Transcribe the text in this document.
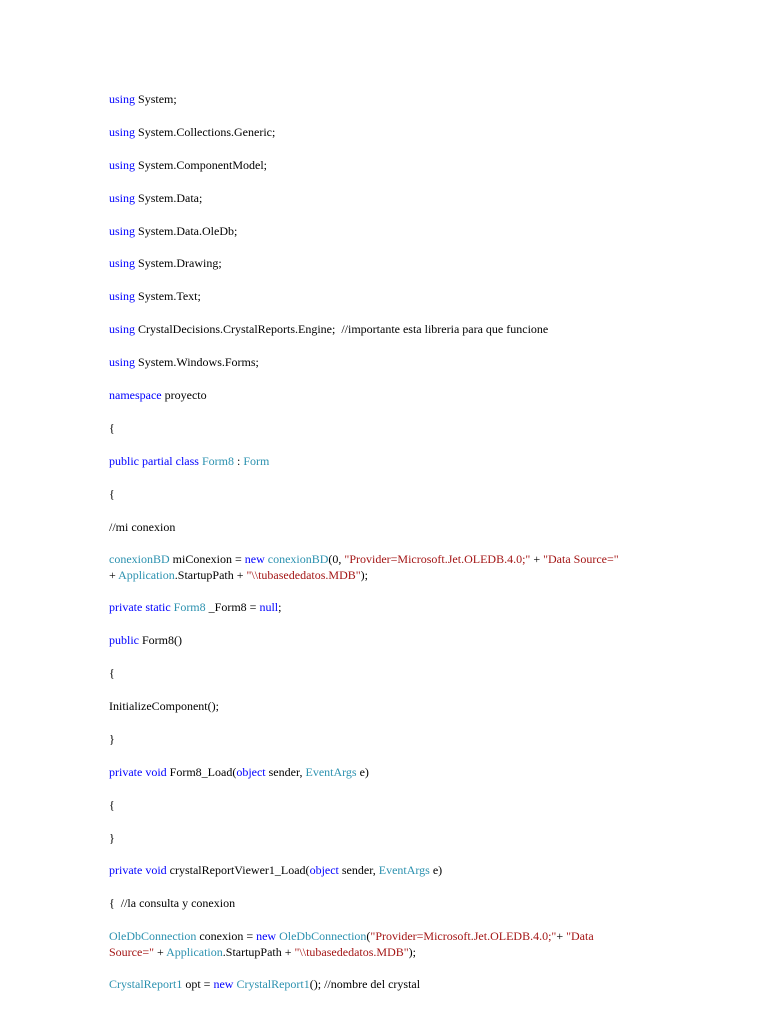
using System;
using System.Collections.Generic;
using System.ComponentModel;
using System.Data;
using System.Data.OleDb;
using System.Drawing;
using System.Text;
using CrystalDecisions.CrystalReports.Engine;  //importante esta libreria para que funcione
using System.Windows.Forms;
namespace proyecto
{
public partial class Form8 : Form
{
//mi conexion
conexionBD miConexion = new conexionBD(0, "Provider=Microsoft.Jet.OLEDB.4.0;" + "Data Source="
+ Application.StartupPath + "\\tubasededatos.MDB");
private static Form8 _Form8 = null;
public Form8()
{
InitializeComponent();
}
private void Form8_Load(object sender, EventArgs e)
{
}
private void crystalReportViewer1_Load(object sender, EventArgs e)
{  //la consulta y conexion
OleDbConnection conexion = new OleDbConnection("Provider=Microsoft.Jet.OLEDB.4.0;"+ "Data
Source=" + Application.StartupPath + "\\tubasededatos.MDB");
CrystalReport1 opt = new CrystalReport1(); //nombre del crystal
